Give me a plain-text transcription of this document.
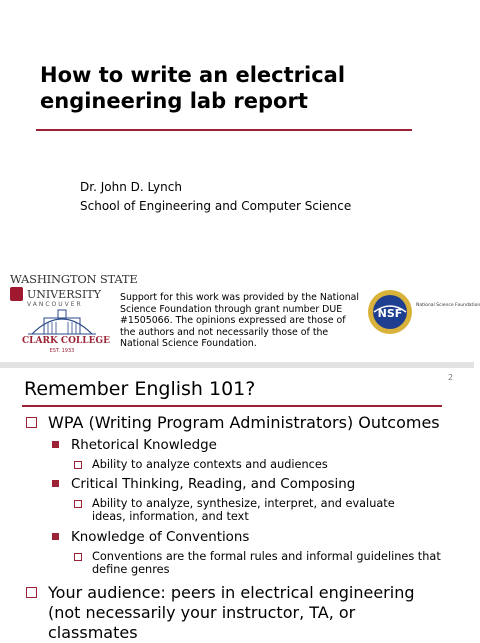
How to write an electrical engineering lab report
Dr. John D. Lynch
School of Engineering and Computer Science
WASHINGTON STATE
UNIVERSITY
VANCOUVER
CLARK COLLEGE
EST. 1933
Support for this work was provided by the National Science Foundation through grant number DUE #1505066. The opinions expressed are those of the authors and not necessarily those of the National Science Foundation.
NSF
National Science Foundation
2
Remember English 101?
WPA (Writing Program Administrators) Outcomes
Rhetorical Knowledge
Ability to analyze contexts and audiences
Critical Thinking, Reading, and Composing
Ability to analyze, synthesize, interpret, and evaluate ideas, information, and text
Knowledge of Conventions
Conventions are the formal rules and informal guidelines that define genres
Your audience: peers in electrical engineering (not necessarily your instructor, TA, or classmates
